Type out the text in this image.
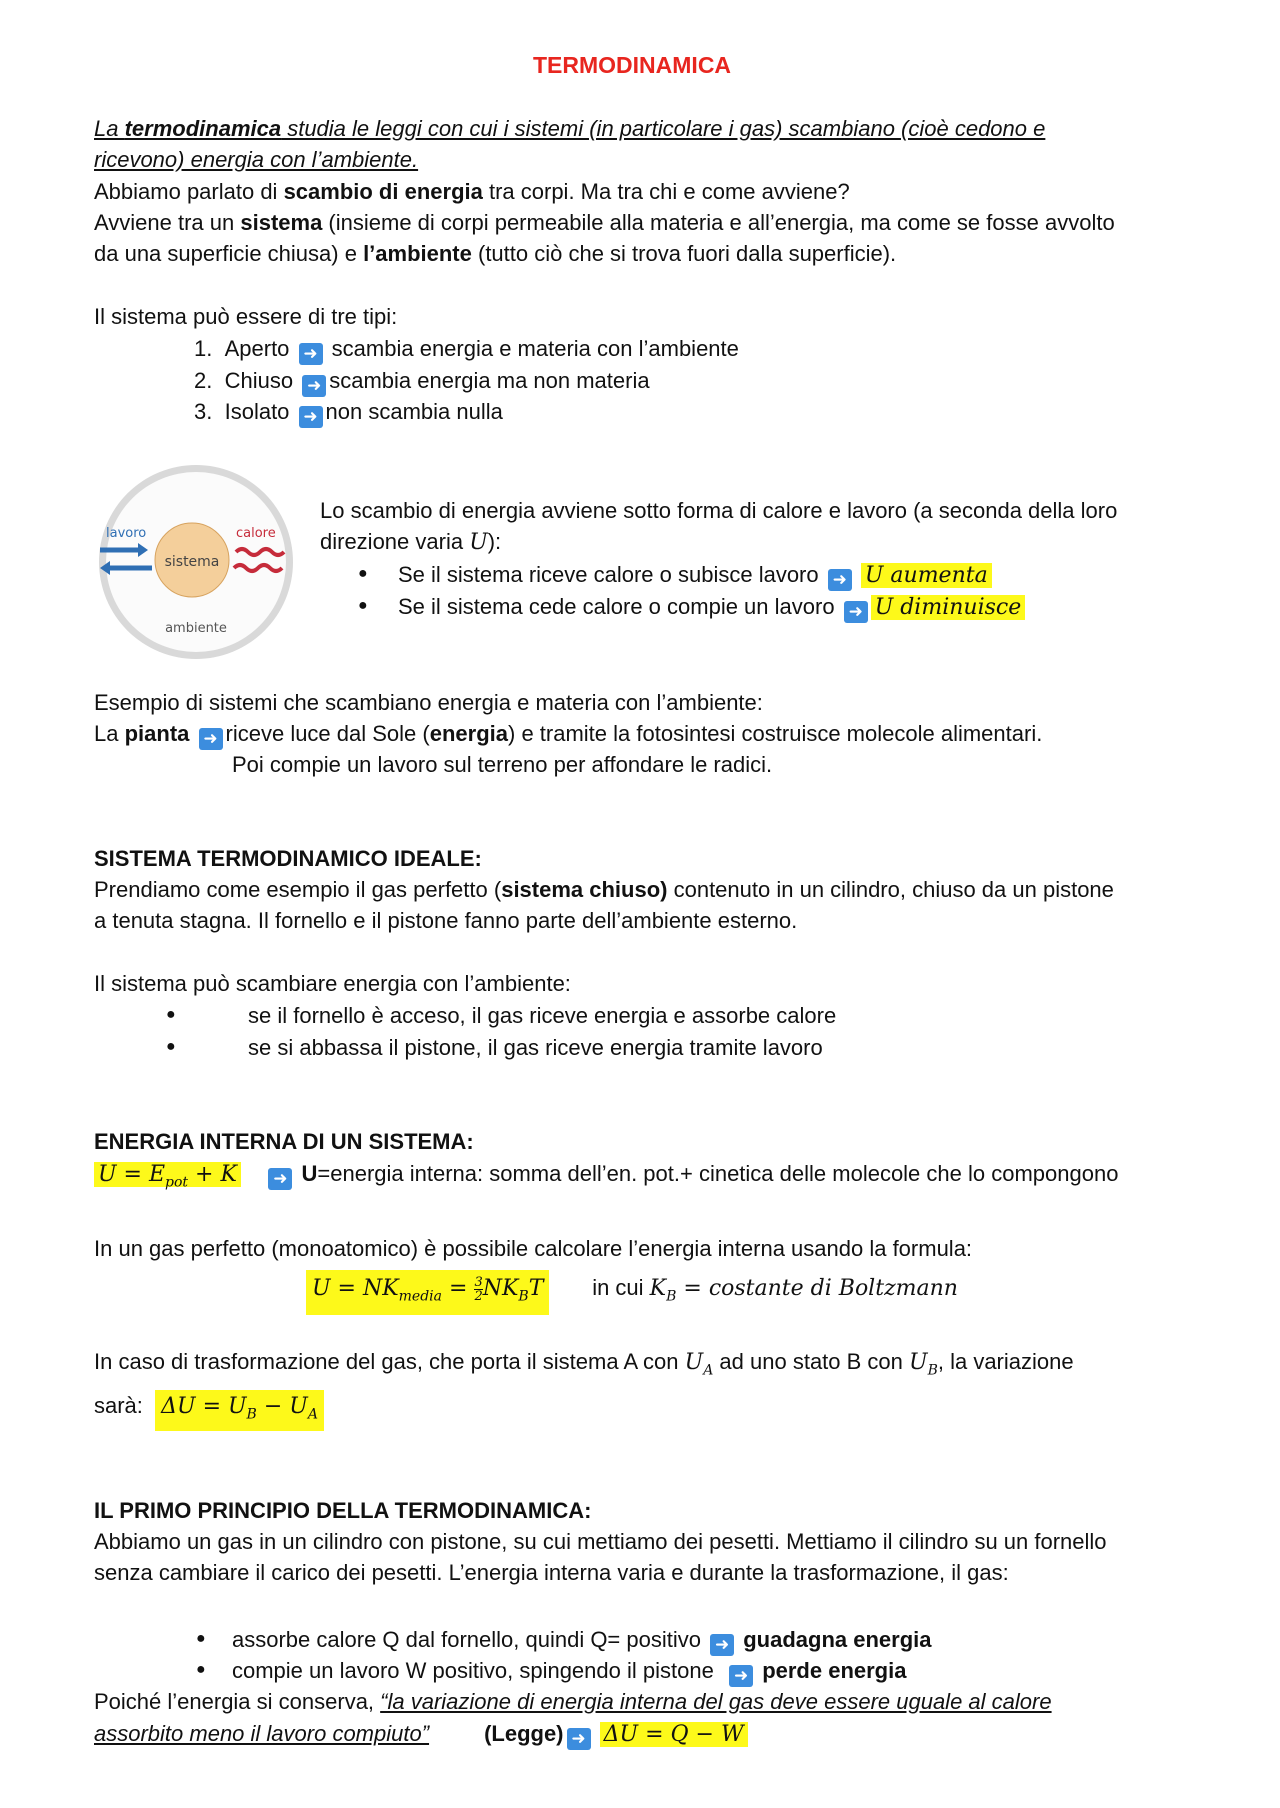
TERMODINAMICA
La termodinamica studia le leggi con cui i sistemi (in particolare i gas) scambiano (cioè cedono e
ricevono) energia con l’ambiente.
Abbiamo parlato di scambio di energia tra corpi. Ma tra chi e come avviene?
Avviene tra un sistema (insieme di corpi permeabile alla materia e all’energia, ma come se fosse avvolto
da una superficie chiusa) e l’ambiente (tutto ciò che si trova fuori dalla superficie).
Il sistema può essere di tre tipi:
1. Aperto ➜ scambia energia e materia con l’ambiente
2. Chiuso ➜ scambia energia ma non materia
3. Isolato ➜ non scambia nulla
sistema
lavoro	calore
ambiente
Lo scambio di energia avviene sotto forma di calore e lavoro (a seconda della loro
direzione varia U):
● Se il sistema riceve calore o subisce lavoro ➜ U aumenta
● Se il sistema cede calore o compie un lavoro ➜ U diminuisce
Esempio di sistemi che scambiano energia e materia con l’ambiente:
La pianta ➜ riceve luce dal Sole (energia) e tramite la fotosintesi costruisce molecole alimentari.
Poi compie un lavoro sul terreno per affondare le radici.
SISTEMA TERMODINAMICO IDEALE:
Prendiamo come esempio il gas perfetto (sistema chiuso) contenuto in un cilindro, chiuso da un pistone
a tenuta stagna. Il fornello e il pistone fanno parte dell’ambiente esterno.
Il sistema può scambiare energia con l’ambiente:
●	se il fornello è acceso, il gas riceve energia e assorbe calore
●	se si abbassa il pistone, il gas riceve energia tramite lavoro
ENERGIA INTERNA DI UN SISTEMA:
$U = E_{pot} + K$ ➜ U=energia interna: somma dell’en. pot.+ cinetica delle molecole che lo compongono
In un gas perfetto (monoatomico) è possibile calcolare l’energia interna usando la formula:
$U = NK_{media} = \frac{3}{2} NK_BT$ in cui $K_B$ = costante di Boltzmann
In caso di trasformazione del gas, che porta il sistema A con $U_A$ ad uno stato B con $U_B$, la variazione
sarà: $\Delta U = U_B - U_A$
IL PRIMO PRINCIPIO DELLA TERMODINAMICA:
Abbiamo un gas in un cilindro con pistone, su cui mettiamo dei pesetti. Mettiamo il cilindro su un fornello
senza cambiare il carico dei pesetti. L’energia interna varia e durante la trasformazione, il gas:
● assorbe calore Q dal fornello, quindi Q= positivo ➜ guadagna energia
● compie un lavoro W positivo, spingendo il pistone ➜ perde energia
Poiché l’energia si conserva, “la variazione di energia interna del gas deve essere uguale al calore
assorbito meno il lavoro compiuto”	(Legge) ➜ ΔU = Q − W
